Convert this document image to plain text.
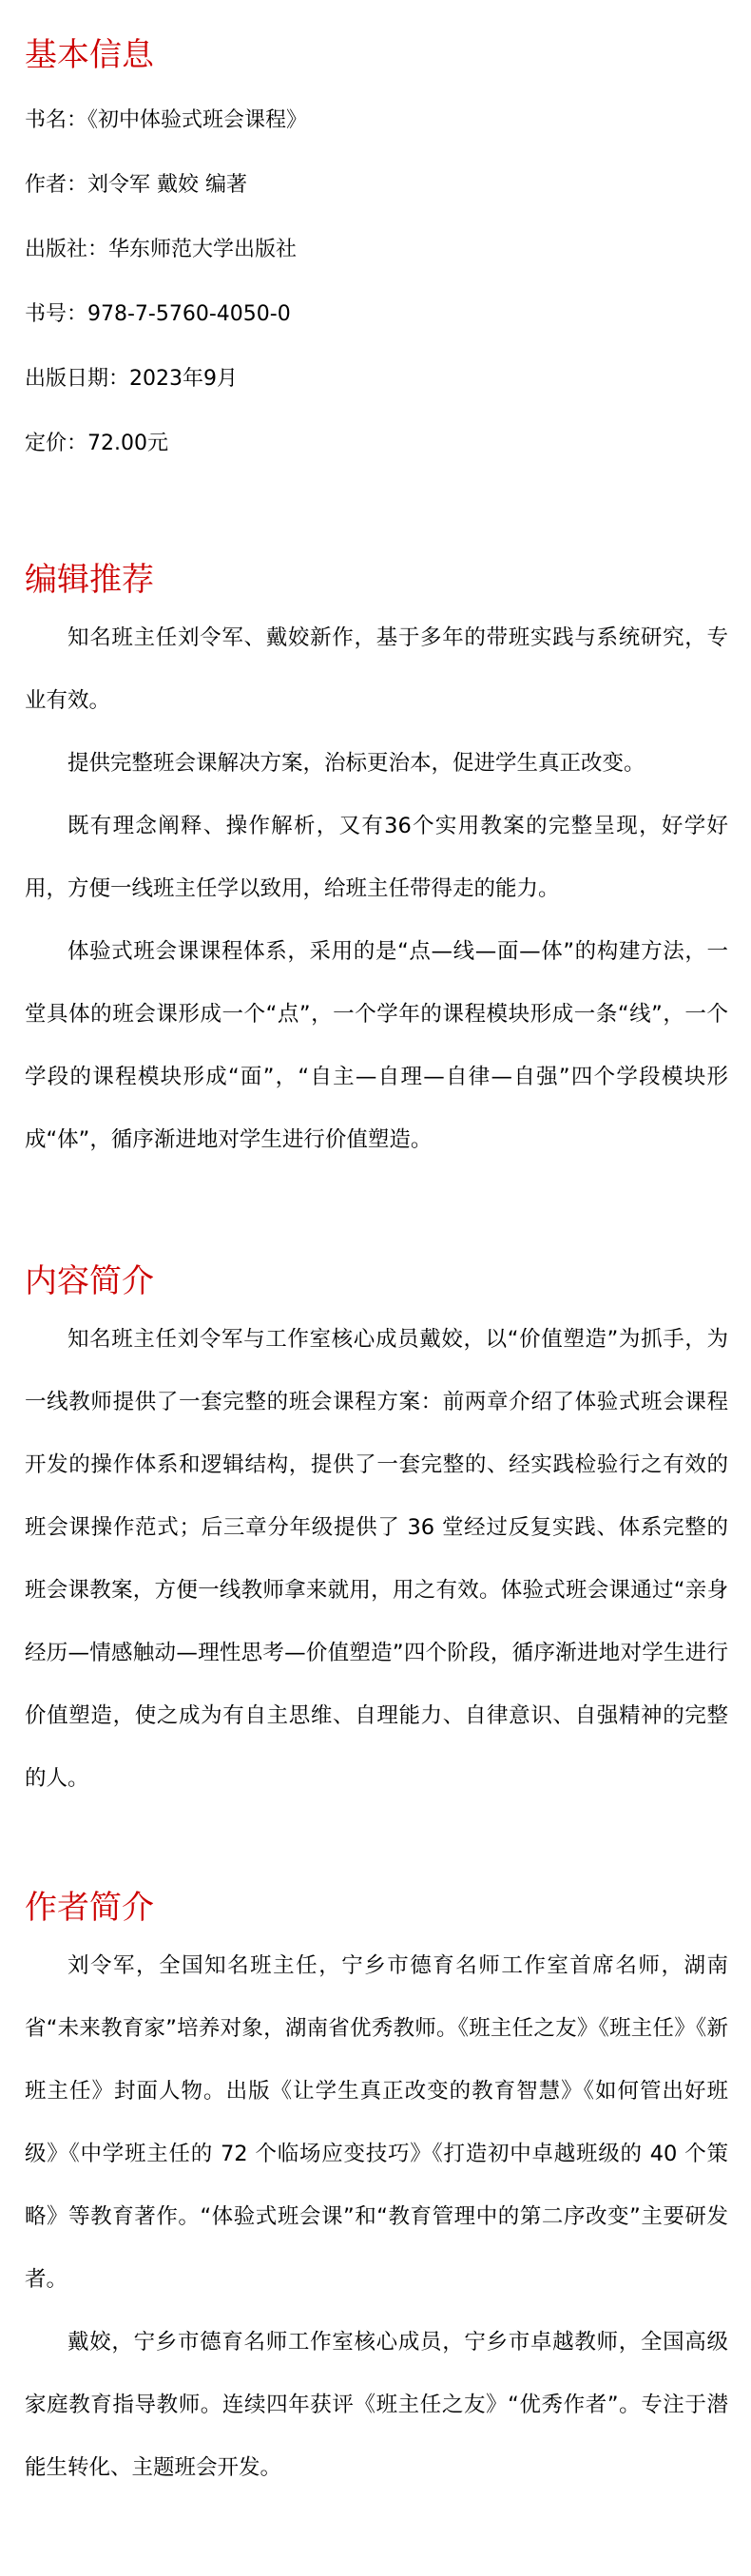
基本信息

书名：《初中体验式班会课程》

作者：刘令军 戴姣 编著

出版社：华东师范大学出版社

书号：978-7-5760-4050-0

出版日期：2023年9月

定价：72.00元

编辑推荐

知名班主任刘令军、戴姣新作，基于多年的带班实践与系统研究，专业有效。

提供完整班会课解决方案，治标更治本，促进学生真正改变。

既有理念阐释、操作解析，又有36个实用教案的完整呈现，好学好用，方便一线班主任学以致用，给班主任带得走的能力。

体验式班会课课程体系，采用的是“点—线—面—体”的构建方法，一堂具体的班会课形成一个“点”，一个学年的课程模块形成一条“线”，一个学段的课程模块形成“面”，“自主—自理—自律—自强”四个学段模块形成“体”，循序渐进地对学生进行价值塑造。

内容简介

知名班主任刘令军与工作室核心成员戴姣，以“价值塑造”为抓手，为一线教师提供了一套完整的班会课程方案：前两章介绍了体验式班会课程开发的操作体系和逻辑结构，提供了一套完整的、经实践检验行之有效的班会课操作范式；后三章分年级提供了 36 堂经过反复实践、体系完整的班会课教案，方便一线教师拿来就用，用之有效。体验式班会课通过“亲身经历—情感触动—理性思考—价值塑造”四个阶段，循序渐进地对学生进行价值塑造，使之成为有自主思维、自理能力、自律意识、自强精神的完整的人。

作者简介

刘令军，全国知名班主任，宁乡市德育名师工作室首席名师，湖南省“未来教育家”培养对象，湖南省优秀教师。《班主任之友》《班主任》《新班主任》封面人物。出版《让学生真正改变的教育智慧》《如何管出好班级》《中学班主任的 72 个临场应变技巧》《打造初中卓越班级的 40 个策略》等教育著作。“体验式班会课”和“教育管理中的第二序改变”主要研发者。

戴姣，宁乡市德育名师工作室核心成员，宁乡市卓越教师，全国高级家庭教育指导教师。连续四年获评《班主任之友》“优秀作者”。专注于潜能生转化、主题班会开发。
